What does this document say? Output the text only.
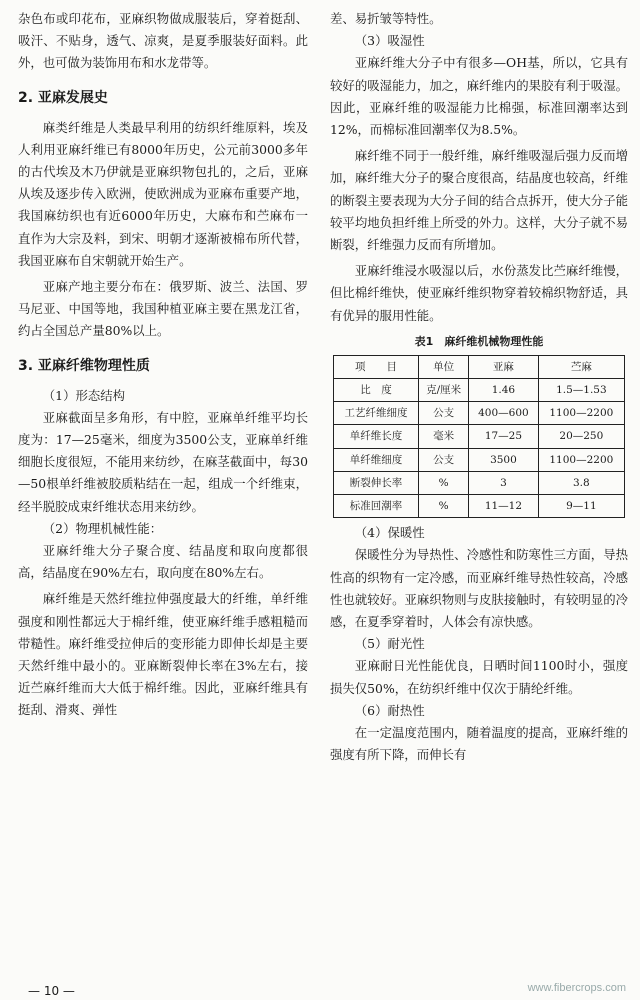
杂色布或印花布，亚麻织物做成服装后，穿着挺刮、吸汗、不贴身，透气、凉爽，是夏季服装好面料。此外，也可做为装饰用布和水龙带等。

2. 亚麻发展史

麻类纤维是人类最早利用的纺织纤维原料，埃及人利用亚麻纤维已有8000年历史，公元前3000多年的古代埃及木乃伊就是亚麻织物包扎的，之后，亚麻从埃及逐步传入欧洲，使欧洲成为亚麻布重要产地，我国麻纺织也有近6000年历史，大麻布和苎麻布一直作为大宗及料，到宋、明朝才逐渐被棉布所代替，我国亚麻布自宋朝就开始生产。

亚麻产地主要分布在：俄罗斯、波兰、法国、罗马尼亚、中国等地，我国种植亚麻主要在黑龙江省，约占全国总产量80%以上。

3. 亚麻纤维物理性质
（1）形态结构

亚麻截面呈多角形，有中腔，亚麻单纤维平均长度为：17—25毫米，细度为3500公支，亚麻单纤维细胞长度很短，不能用来纺纱，在麻茎截面中，每30—50根单纤维被胶质粘结在一起，组成一个纤维束，经半脱胶成束纤维状态用来纺纱。

（2）物理机械性能：

亚麻纤维大分子聚合度、结晶度和取向度都很高，结晶度在90%左右，取向度在80%左右。

麻纤维是天然纤维拉伸强度最大的纤维，单纤维强度和刚性都远大于棉纤维，使亚麻纤维手感粗糙而带糙性。麻纤维受拉伸后的变形能力即伸长却是主要天然纤维中最小的。亚麻断裂伸长率在3%左右，接近苎麻纤维而大大低于棉纤维。因此，亚麻纤维具有挺刮、滑爽、弹性

差、易折皱等特性。

（3）吸湿性

亚麻纤维大分子中有很多—OH基，所以，它具有较好的吸湿能力，加之，麻纤维内的果胶有利于吸湿。因此，亚麻纤维的吸湿能力比棉强，标准回潮率达到12%，而棉标准回潮率仅为8.5%。

麻纤维不同于一般纤维，麻纤维吸湿后强力反而增加，麻纤维大分子的聚合度很高，结晶度也较高，纤维的断裂主要表现为大分子间的结合点拆开，使大分子能较平均地负担纤维上所受的外力。这样，大分子就不易断裂，纤维强力反而有所增加。

亚麻纤维浸水吸湿以后，水份蒸发比苎麻纤维慢，但比棉纤维快，使亚麻纤维织物穿着较棉织物舒适，具有优异的服用性能。

表1　麻纤维机械物理性能
项　　目	单位	亚麻	苎麻
比　度	克/厘米	1.46	1.5—1.53
工艺纤维细度	公支	400—600	1100—2200
单纤维长度	毫米	17—25	20—250
单纤维细度	公支	3500	1100—2200
断裂伸长率	%	3	3.8
标准回潮率	%	11—12	9—11
（4）保暖性

保暖性分为导热性、冷感性和防寒性三方面，导热性高的织物有一定冷感，而亚麻纤维导热性较高，冷感性也就较好。亚麻织物则与皮肤接触时，有较明显的冷感，在夏季穿着时，人体会有凉快感。

（5）耐光性

亚麻耐日光性能优良，日晒时间1100时小，强度损失仅50%，在纺织纤维中仅次于腈纶纤维。

（6）耐热性

在一定温度范围内，随着温度的提高，亚麻纤维的强度有所下降，而伸长有

— 10 —	www.fibercrops.com
